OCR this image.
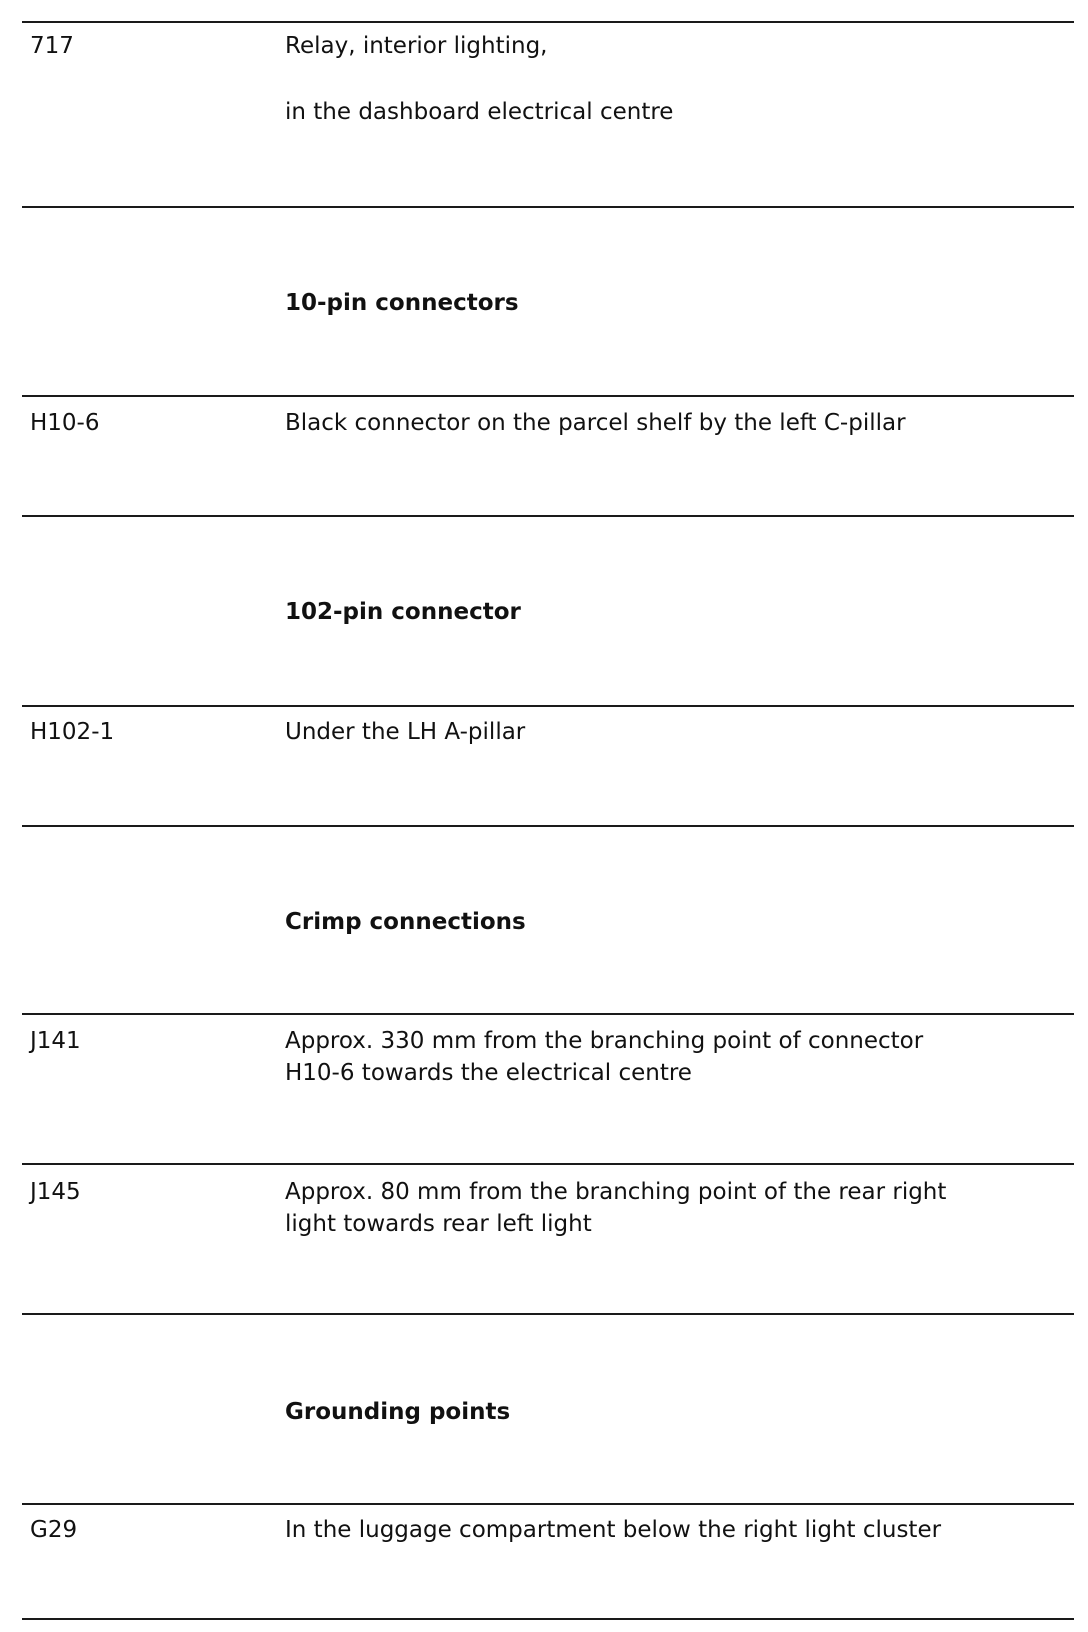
717	Relay, interior lighting,
in the dashboard electrical centre
10-pin connectors
H10-6	Black connector on the parcel shelf by the left C-pillar
102-pin connector
H102-1	Under the LH A-pillar
Crimp connections
J141	Approx. 330 mm from the branching point of connector
H10-6 towards the electrical centre
J145	Approx. 80 mm from the branching point of the rear right
light towards rear left light
Grounding points
G29	In the luggage compartment below the right light cluster
